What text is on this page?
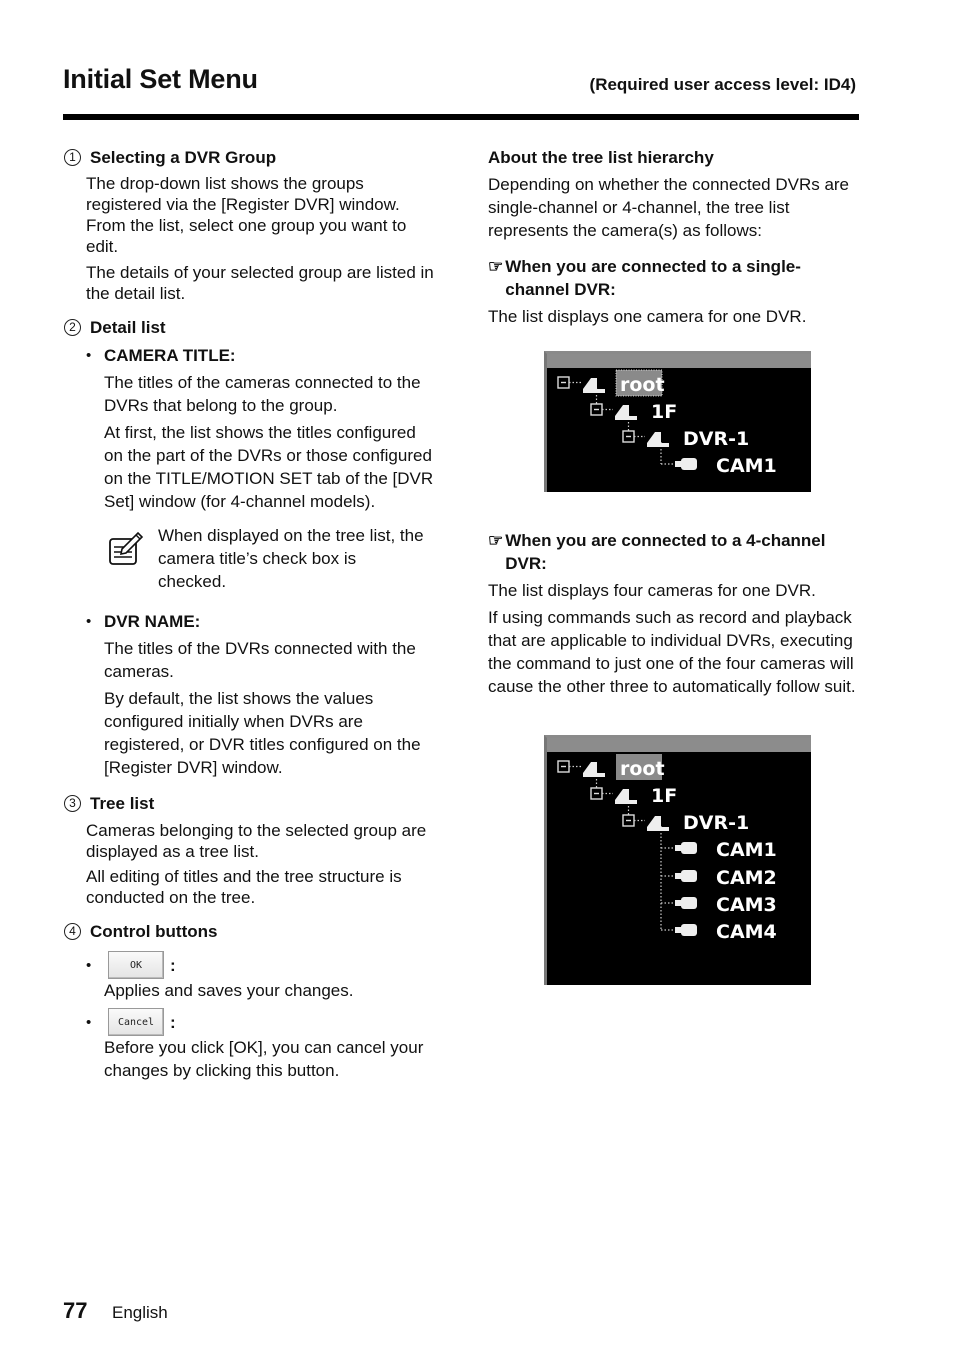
Initial Set Menu	(Required user access level: ID4)
1 Selecting a DVR Group

The drop-down list shows the groups registered via the [Register DVR] window. From the list, select one group you want to edit.

The details of your selected group are listed in the detail list.

2 Detail list
• CAMERA TITLE:

The titles of the cameras connected to the DVRs that belong to the group.

At first, the list shows the titles configured on the part of the DVRs or those configured on the TITLE/MOTION SET tab of the [DVR Set] window (for 4-channel models).

When displayed on the tree list, the camera title’s check box is checked.

• DVR NAME:

The titles of the DVRs connected with the cameras.

By default, the list shows the values configured initially when DVRs are registered, or DVR titles configured on the [Register DVR] window.

3 Tree list

Cameras belonging to the selected group are displayed as a tree list.

All editing of titles and the tree structure is conducted on the tree.

4 Control buttons
•	OK	:

Applies and saves your changes.

•	Cancel :

Before you click [OK], you can cancel your changes by clicking this button.

About the tree list hierarchy

Depending on whether the connected DVRs are single-channel or 4-channel, the tree list represents the camera(s) as follows:

☞ When you are connected to a single-channel DVR:

The list displays one camera for one DVR.

root
1F
DVR-1
CAM1
☞ When you are connected to a 4-channel DVR:

The list displays four cameras for one DVR.

If using commands such as record and playback that are applicable to individual DVRs, executing the command to just one of the four cameras will cause the other three to automatically follow suit.

root
1F
DVR-1
CAM1
CAM2
CAM3
CAM4
77 English
